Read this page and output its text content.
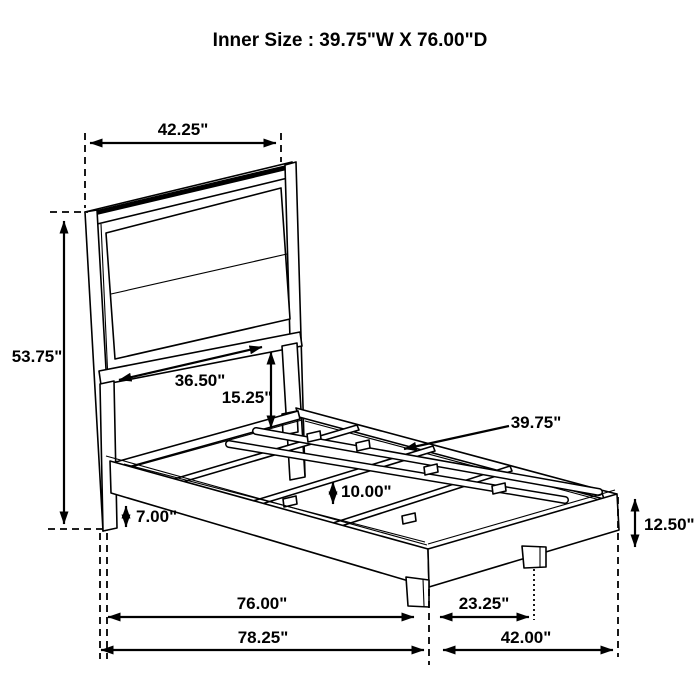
Inner Size : 39.75"W X 76.00"D
42.25"
53.75"
36.50"
15.25"
39.75"
10.00"
7.00"	12.50"
76.00"	23.25"
78.25"	42.00"
